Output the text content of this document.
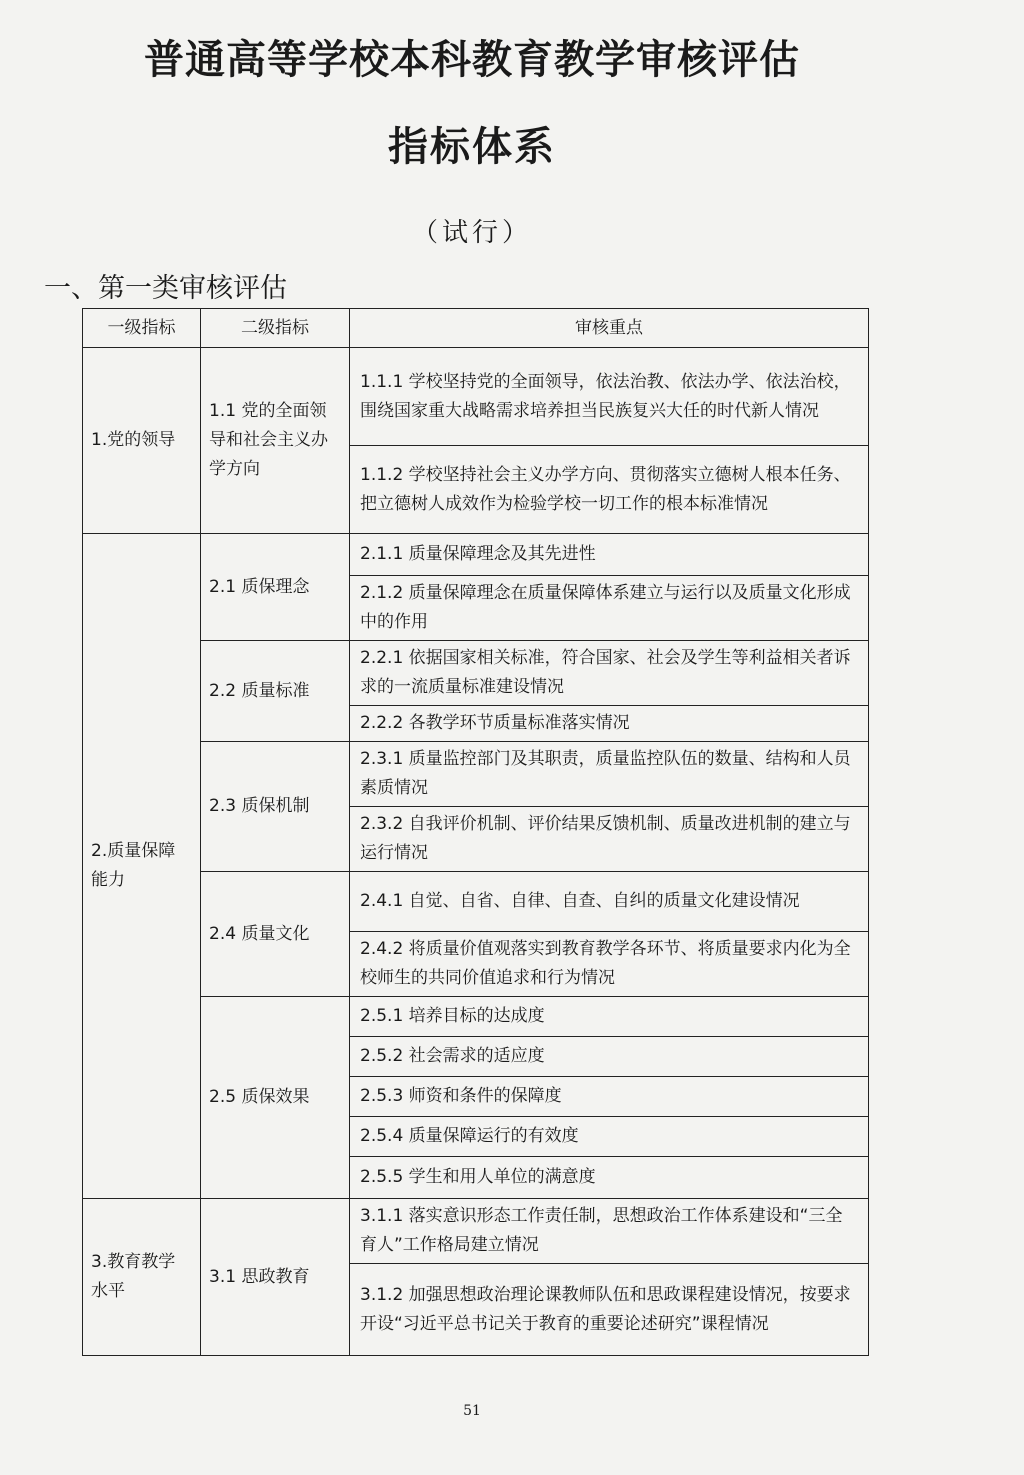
普通高等学校本科教育教学审核评估
指标体系
（试行）
一、第一类审核评估
一级指标	二级指标	审核重点
1.党的领导	1.1 党的全面领导和社会主义办学方向	1.1.1 学校坚持党的全面领导，依法治教、依法办学、依法治校，围绕国家重大战略需求培养担当民族复兴大任的时代新人情况
		1.1.2 学校坚持社会主义办学方向、贯彻落实立德树人根本任务、把立德树人成效作为检验学校一切工作的根本标准情况
2.质量保障能力	2.1 质保理念	2.1.1 质量保障理念及其先进性
		2.1.2 质量保障理念在质量保障体系建立与运行以及质量文化形成中的作用
	2.2 质量标准	2.2.1 依据国家相关标准，符合国家、社会及学生等利益相关者诉求的一流质量标准建设情况
		2.2.2 各教学环节质量标准落实情况
	2.3 质保机制	2.3.1 质量监控部门及其职责，质量监控队伍的数量、结构和人员素质情况
		2.3.2 自我评价机制、评价结果反馈机制、质量改进机制的建立与运行情况
	2.4 质量文化	2.4.1 自觉、自省、自律、自查、自纠的质量文化建设情况
		2.4.2 将质量价值观落实到教育教学各环节、将质量要求内化为全校师生的共同价值追求和行为情况
	2.5 质保效果	2.5.1 培养目标的达成度
		2.5.2 社会需求的适应度
		2.5.3 师资和条件的保障度
		2.5.4 质量保障运行的有效度
		2.5.5 学生和用人单位的满意度
3.教育教学水平	3.1 思政教育	3.1.1 落实意识形态工作责任制，思想政治工作体系建设和“三全育人”工作格局建立情况
		3.1.2 加强思想政治理论课教师队伍和思政课程建设情况，按要求开设“习近平总书记关于教育的重要论述研究”课程情况
51
